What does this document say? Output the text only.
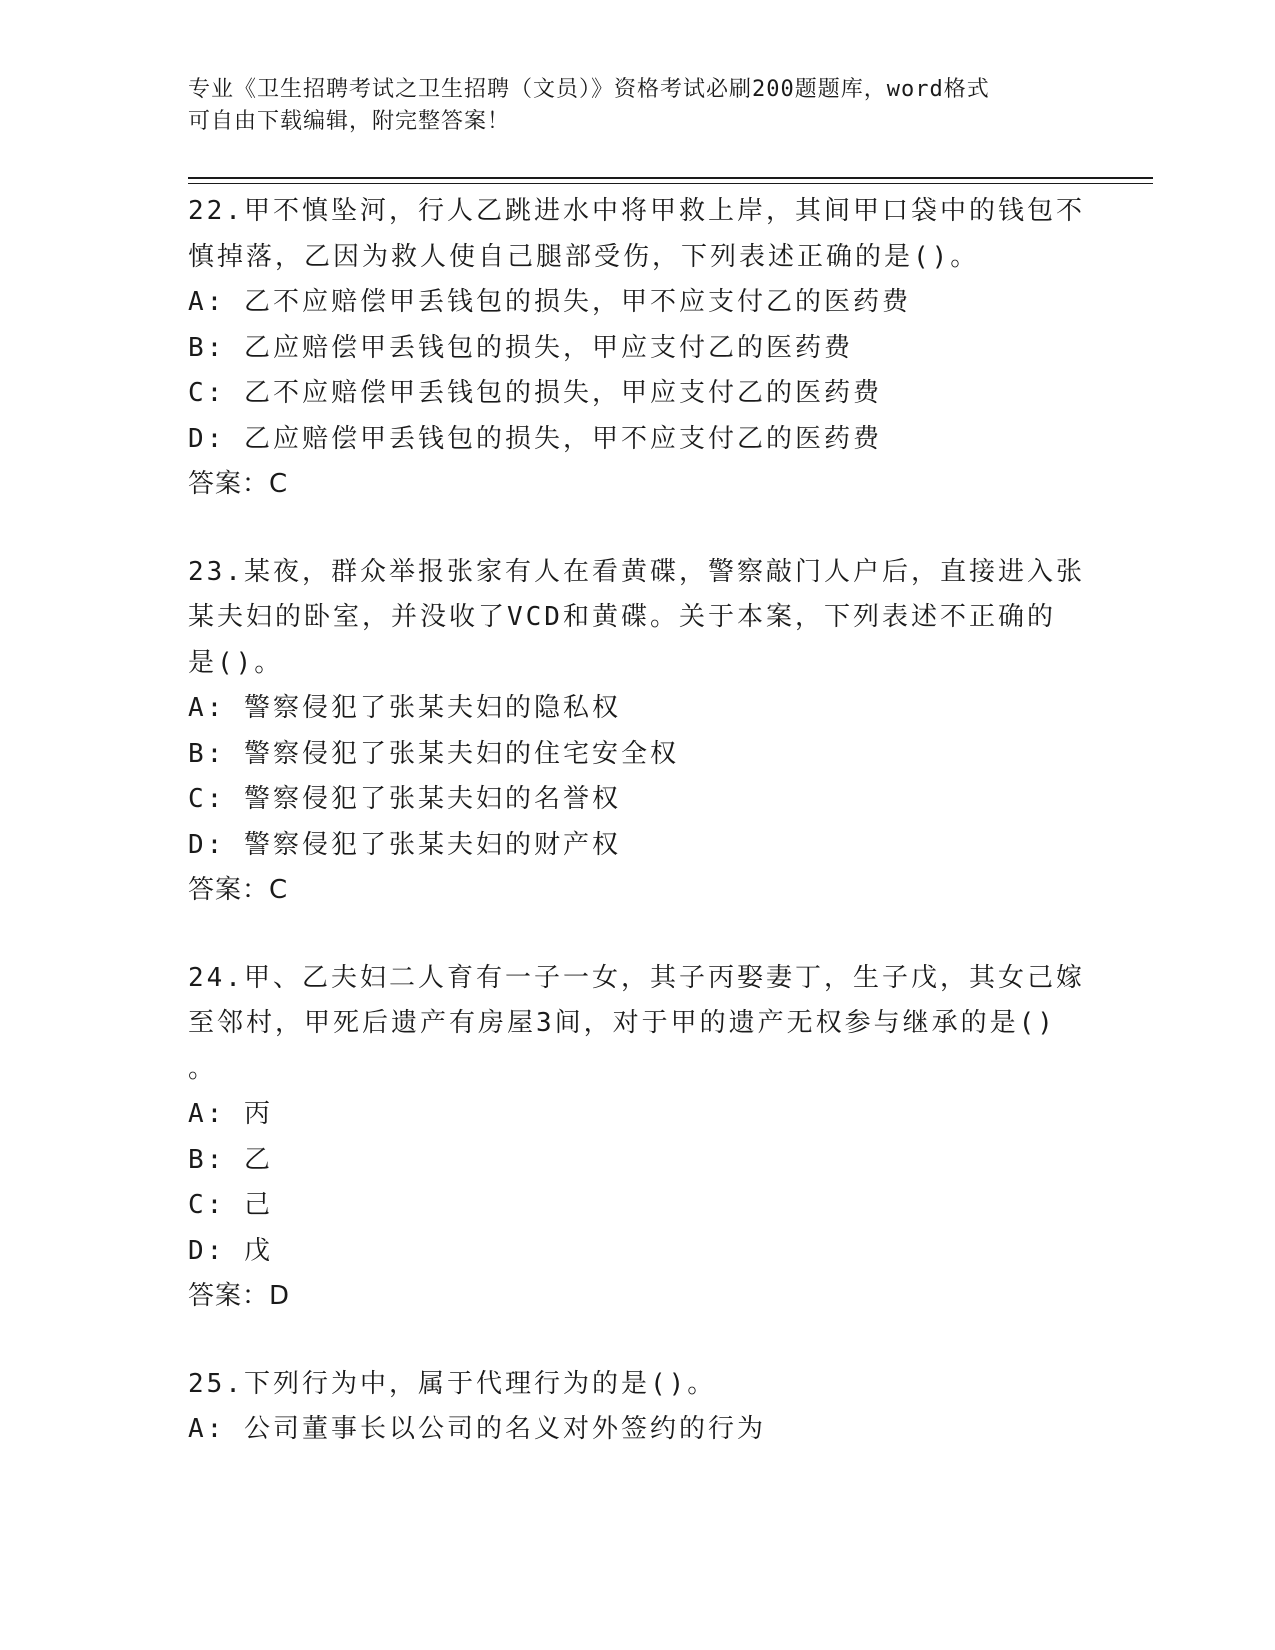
专业《卫生招聘考试之卫生招聘（文员）》资格考试必刷200题题库，word格式
可自由下载编辑，附完整答案！
22.甲不慎坠河，行人乙跳进水中将甲救上岸，其间甲口袋中的钱包不
慎掉落，乙因为救人使自己腿部受伤，下列表述正确的是()。
A: 乙不应赔偿甲丢钱包的损失，甲不应支付乙的医药费
B: 乙应赔偿甲丢钱包的损失，甲应支付乙的医药费
C: 乙不应赔偿甲丢钱包的损失，甲应支付乙的医药费
D: 乙应赔偿甲丢钱包的损失，甲不应支付乙的医药费
答案：C
23.某夜，群众举报张家有人在看黄碟，警察敲门人户后，直接进入张
某夫妇的卧室，并没收了VCD和黄碟。关于本案，下列表述不正确的
是()。
A: 警察侵犯了张某夫妇的隐私权
B: 警察侵犯了张某夫妇的住宅安全权
C: 警察侵犯了张某夫妇的名誉权
D: 警察侵犯了张某夫妇的财产权
答案：C
24.甲、乙夫妇二人育有一子一女，其子丙娶妻丁，生子戊，其女己嫁
至邻村，甲死后遗产有房屋3间，对于甲的遗产无权参与继承的是()
。
A: 丙
B: 乙
C: 己
D: 戊
答案：D
25.下列行为中，属于代理行为的是()。
A: 公司董事长以公司的名义对外签约的行为
